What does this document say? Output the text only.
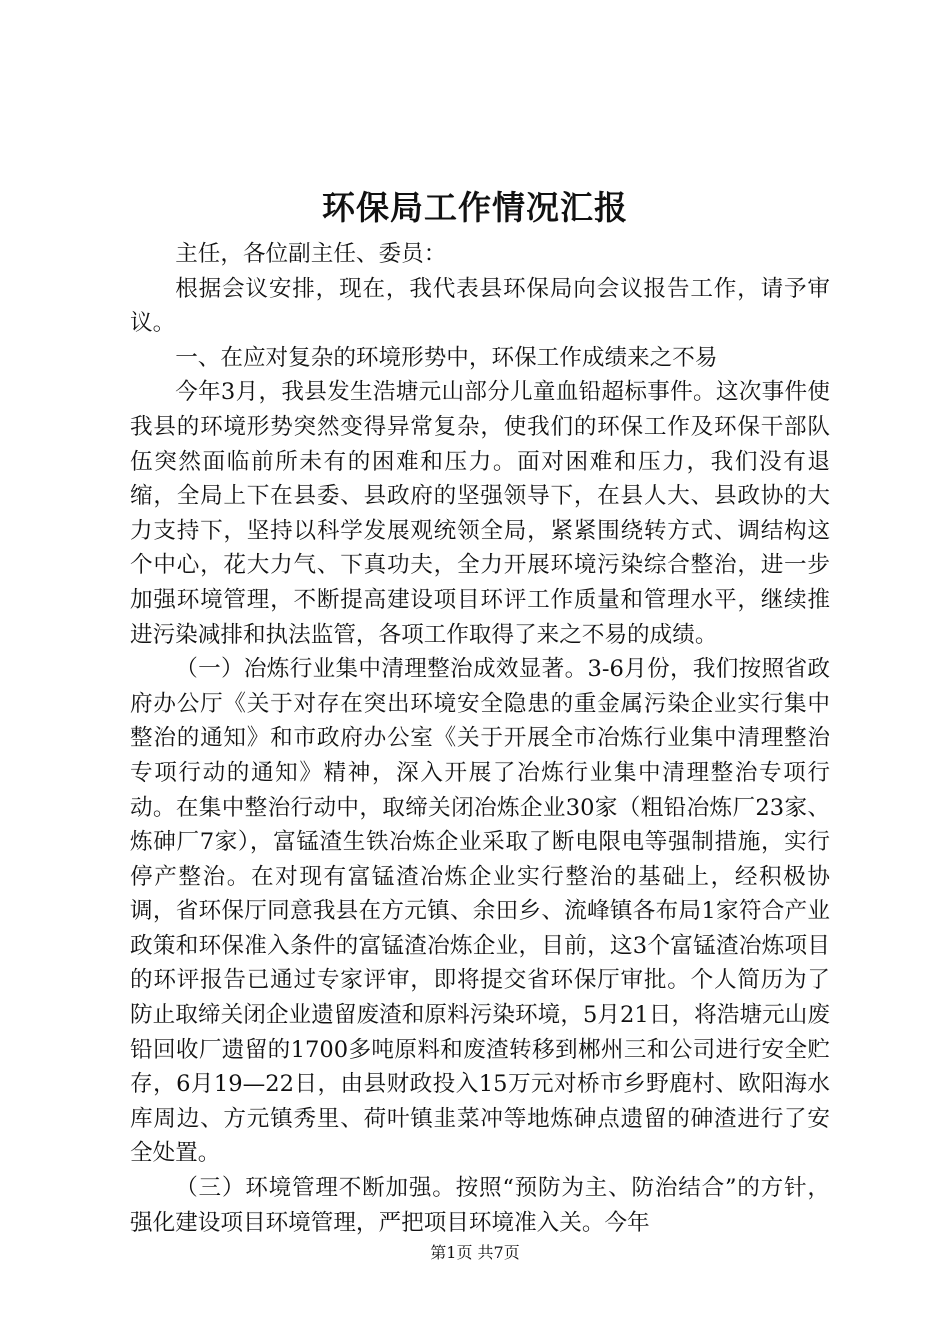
环保局工作情况汇报

主任，各位副主任、委员：

根据会议安排，现在，我代表县环保局向会议报告工作，请予审议。

一、在应对复杂的环境形势中，环保工作成绩来之不易

今年3月，我县发生浩塘元山部分儿童血铅超标事件。这次事件使我县的环境形势突然变得异常复杂，使我们的环保工作及环保干部队伍突然面临前所未有的困难和压力。面对困难和压力，我们没有退缩，全局上下在县委、县政府的坚强领导下，在县人大、县政协的大力支持下，坚持以科学发展观统领全局，紧紧围绕转方式、调结构这个中心，花大力气、下真功夫，全力开展环境污染综合整治，进一步加强环境管理，不断提高建设项目环评工作质量和管理水平，继续推进污染减排和执法监管，各项工作取得了来之不易的成绩。

（一）冶炼行业集中清理整治成效显著。3-6月份，我们按照省政府办公厅《关于对存在突出环境安全隐患的重金属污染企业实行集中整治的通知》和市政府办公室《关于开展全市冶炼行业集中清理整治专项行动的通知》精神，深入开展了冶炼行业集中清理整治专项行动。在集中整治行动中，取缔关闭冶炼企业30家（粗铅冶炼厂23家、炼砷厂7家），富锰渣生铁冶炼企业采取了断电限电等强制措施，实行停产整治。在对现有富锰渣冶炼企业实行整治的基础上，经积极协调，省环保厅同意我县在方元镇、余田乡、流峰镇各布局1家符合产业政策和环保准入条件的富锰渣冶炼企业，目前，这3个富锰渣冶炼项目的环评报告已通过专家评审，即将提交省环保厅审批。个人简历为了防止取缔关闭企业遗留废渣和原料污染环境，5月21日，将浩塘元山废铅回收厂遗留的1700多吨原料和废渣转移到郴州三和公司进行安全贮存，6月19—22日，由县财政投入15万元对桥市乡野鹿村、欧阳海水库周边、方元镇秀里、荷叶镇韭菜冲等地炼砷点遗留的砷渣进行了安全处置。

（三）环境管理不断加强。按照“预防为主、防治结合”的方针，强化建设项目环境管理，严把项目环境准入关。今年

第1页 共7页
